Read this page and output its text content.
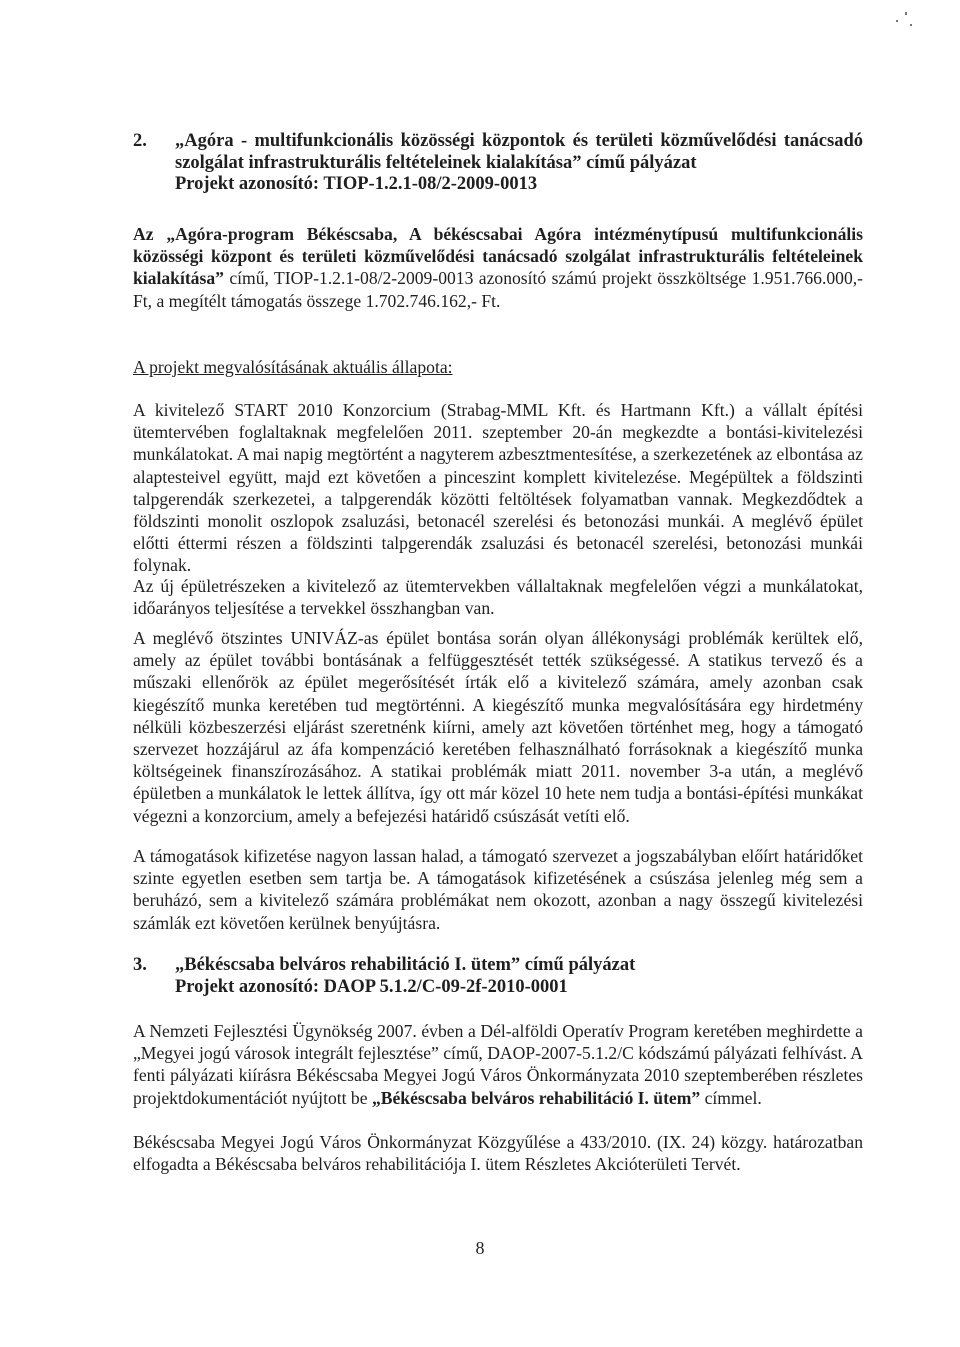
2. „Agóra - multifunkcionális közösségi központok és területi közművelődési tanácsadó szolgálat infrastrukturális feltételeinek kialakítása” című pályázat
Projekt azonosító: TIOP-1.2.1-08/2-2009-0013

Az „Agóra-program Békéscsaba, A békéscsabai Agóra intézménytípusú multifunkcionális közösségi központ és területi közművelődési tanácsadó szolgálat infrastrukturális feltételeinek kialakítása” című, TIOP-1.2.1-08/2-2009-0013 azonosító számú projekt összköltsége 1.951.766.000,- Ft, a megítélt támogatás összege 1.702.746.162,- Ft.

A projekt megvalósításának aktuális állapota:

A kivitelező START 2010 Konzorcium (Strabag-MML Kft. és Hartmann Kft.) a vállalt építési ütemtervében foglaltaknak megfelelően 2011. szeptember 20-án megkezdte a bontási-kivitelezési munkálatokat. A mai napig megtörtént a nagyterem azbesztmentesítése, a szerkezetének az elbontása az alaptesteivel együtt, majd ezt követően a pinceszint komplett kivitelezése. Megépültek a földszinti talpgerendák szerkezetei, a talpgerendák közötti feltöltések folyamatban vannak. Megkezdődtek a földszinti monolit oszlopok zsaluzási, betonacél szerelési és betonozási munkái. A meglévő épület előtti éttermi részen a földszinti talpgerendák zsaluzási és betonacél szerelési, betonozási munkái folynak.

Az új épületrészeken a kivitelező az ütemtervekben vállaltaknak megfelelően végzi a munkálatokat, időarányos teljesítése a tervekkel összhangban van.

A meglévő ötszintes UNIVÁZ-as épület bontása során olyan állékonysági problémák kerültek elő, amely az épület további bontásának a felfüggesztését tették szükségessé. A statikus tervező és a műszaki ellenőrök az épület megerősítését írták elő a kivitelező számára, amely azonban csak kiegészítő munka keretében tud megtörténni. A kiegészítő munka megvalósítására egy hirdetmény nélküli közbeszerzési eljárást szeretnénk kiírni, amely azt követően történhet meg, hogy a támogató szervezet hozzájárul az áfa kompenzáció keretében felhasználható forrásoknak a kiegészítő munka költségeinek finanszírozásához. A statikai problémák miatt 2011. november 3-a után, a meglévő épületben a munkálatok le lettek állítva, így ott már közel 10 hete nem tudja a bontási-építési munkákat végezni a konzorcium, amely a befejezési határidő csúszását vetíti elő.

A támogatások kifizetése nagyon lassan halad, a támogató szervezet a jogszabályban előírt határidőket szinte egyetlen esetben sem tartja be. A támogatások kifizetésének a csúszása jelenleg még sem a beruházó, sem a kivitelező számára problémákat nem okozott, azonban a nagy összegű kivitelezési számlák ezt követően kerülnek benyújtásra.

3. „Békéscsaba belváros rehabilitáció I. ütem” című pályázat
Projekt azonosító: DAOP 5.1.2/C-09-2f-2010-0001

A Nemzeti Fejlesztési Ügynökség 2007. évben a Dél-alföldi Operatív Program keretében meghirdette a „Megyei jogú városok integrált fejlesztése” című, DAOP-2007-5.1.2/C kódszámú pályázati felhívást. A fenti pályázati kiírásra Békéscsaba Megyei Jogú Város Önkormányzata 2010 szeptemberében részletes projektdokumentációt nyújtott be „Békéscsaba belváros rehabilitáció I. ütem” címmel.

Békéscsaba Megyei Jogú Város Önkormányzat Közgyűlése a 433/2010. (IX. 24) közgy. határozatban elfogadta a Békéscsaba belváros rehabilitációja I. ütem Részletes Akcióterületi Tervét.

8
